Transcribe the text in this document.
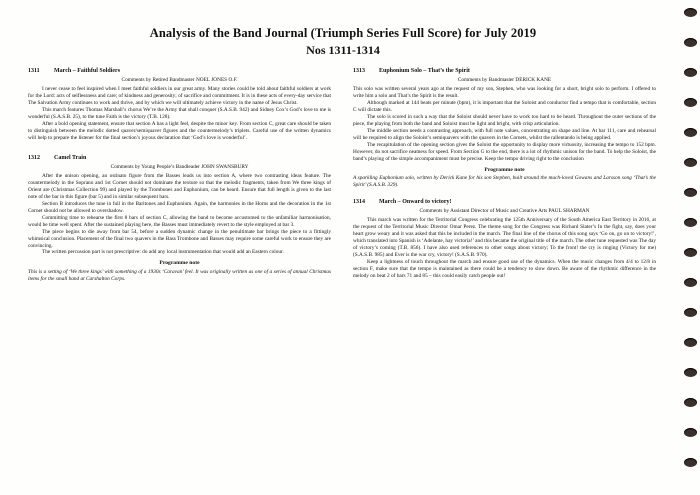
Analysis of the Band Journal (Triumph Series Full Score) for July 2019
Nos 1311-1314
1311	March – Faithful Soldiers
Comments by Retired Bandmaster NOEL JONES O.F.

I never cease to feel inspired when I meet faithful soldiers in our great army. Many stories could be told about faithful soldiers at work for the Lord: acts of selflessness and care; of kindness and generosity; of sacrifice and commitment. It is in these acts of every-day service that The Salvation Army continues to work and thrive, and by which we will ultimately achieve victory in the name of Jesus Christ.

This march features Thomas Marshall’s chorus We’re the Army that shall conquer (S.A.S.B. 942) and Sidney Cox’s God’s love to me is wonderful (S.A.S.B. 25), to the tune Faith is the victory (T.B. 128).

After a bold opening statement, ensure that section A has a light feel, despite the minor key. From section C, great care should be taken to distinguish between the melodic dotted quaver/semiquaver figures and the countermelody’s triplets. Careful use of the written dynamics will help to prepare the listener for the final section’s joyous declaration that ‘God’s love is wonderful’.

1312	Camel Train
Comments by Young People’s Bandleader JOHN SWANSBURY

After the unison opening, an ostinato figure from the Basses leads us into section A, where two contrasting ideas feature. The countermelody in the Soprano and 1st Cornet should not dominate the texture so that the melodic fragments, taken from We three kings of Orient are (Christmas Collection 99) and played by the Trombones and Euphonium, can be heard. Ensure that full length is given to the last note of the bar in this figure (bar 5) and in similar subsequent bars.

Section B introduces the tune in full in the Baritones and Euphonium. Again, the harmonies in the Horns and the decoration in the 1st Cornet should not be allowed to overshadow.

Committing time to rehearse the first 8 bars of section C, allowing the band to become accustomed to the unfamiliar harmonisation, would be time well spent. After the sustained playing here, the Basses must immediately revert to the style employed at bar 3.

The piece begins to die away from bar 54, before a sudden dynamic change in the penultimate bar brings the piece to a fittingly whimsical conclusion. Placement of the final two quavers in the Bass Trombone and Basses may require some careful work to ensure they are convincing.

The written percussion part is not prescriptive: do add any local instrumentation that would add an Eastern colour.

Programme note

This is a setting of ‘We three kings’ with something of a 1930s ‘Caravan’ feel. It was originally written as one of a series of annual Christmas items for the small band at Carshalton Corps.

1313	Euphonium Solo – That’s the Spirit
Comments by Bandmaster DERICK KANE

This solo was written several years ago at the request of my son, Stephen, who was looking for a short, bright solo to perform. I offered to write him a solo and That’s the Spirit is the result.

Although marked at 144 beats per minute (bpm), it is important that the Soloist and conductor find a tempo that is comfortable, section C will dictate this.

The solo is scored in such a way that the Soloist should never have to work too hard to be heard. Throughout the outer sections of the piece, the playing from both the band and Soloist must be light and bright, with crisp articulation.

The middle section needs a contrasting approach, with full note values, concentrating on shape and line. At bar 111, care and rehearsal will be required to align the Soloist’s semiquavers with the quavers in the Cornets, whilst the rallentando is being applied.

The recapitulation of the opening section gives the Soloist the opportunity to display more virtuosity, increasing the tempo to 152 bpm. However, do not sacrifice neatness for speed. From Section G to the end, there is a lot of rhythmic unison for the band. To help the Soloist, the band’s playing of the simple accompaniment must be precise. Keep the tempo driving right to the conclusion

Programme note

A sparkling Euphonium solo, written by Derick Kane for his son Stephen, built around the much-loved Gowans and Larsson song ‘That’s the Spirit’ (S.A.S.B. 329).

1314	March – Onward to victory!
Comments by Assistant Director of Music and Creative Arts PAUL SHARMAN

This march was written for the Territorial Congress celebrating the 125th Anniversary of the South America East Territory in 2016, at the request of the Territorial Music Director Omar Perez. The theme song for the Congress was Richard Slater’s In the fight, say, does your heart grow weary and it was asked that this be included in the march. The final line of the chorus of this song says ‘Go on, go on to victory!’, which translated into Spanish is ‘Adelante, hay victoria!’ and this became the original title of the march. The other tune requested was The day of victory’s coming (T.B. 856). I have also used references to other songs about victory; To the front! the cry is ringing (Victory for me) (S.A.S.B. 985) and Ever is the war cry, victory! (S.A.S.B. 970).

Keep a lightness of touch throughout the march and ensure good use of the dynamics. When the music changes from 4/4 to 12/8 in section F, make sure that the tempo is maintained as there could be a tendency to slow down. Be aware of the rhythmic difference in the melody on beat 2 of bars 71 and 85 – this could easily catch people out!
